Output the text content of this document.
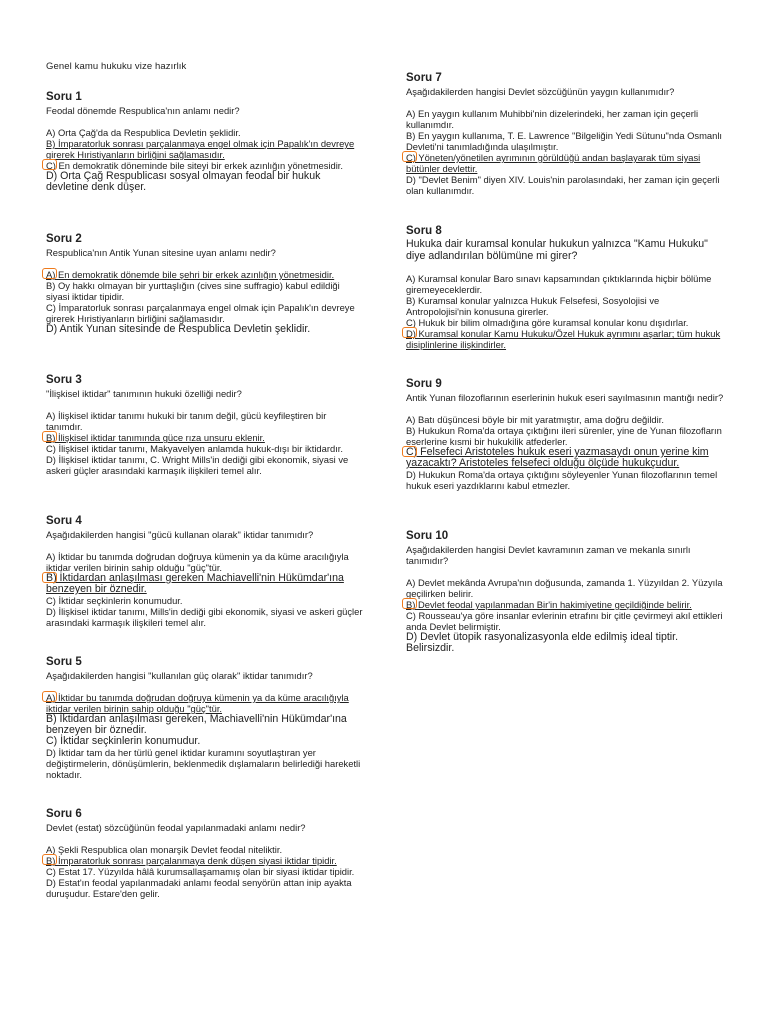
Genel kamu hukuku vize hazırlık
Soru 1
Feodal dönemde Respublica'nın anlamı nedir?
A) Orta Çağ'da da Respublica Devletin şeklidir.
B) İmparatorluk sonrası parçalanmaya engel olmak için Papalık'ın devreye girerek Hıristiyanların birliğini sağlamasıdır.
C) En demokratik döneminde bile siteyi bir erkek azınlığın yönetmesidir.
D) Orta Çağ Respublicası sosyal olmayan feodal bir hukuk devletine denk düşer.
Soru 2
Respublica'nın Antik Yunan sitesine uyan anlamı nedir?
A) En demokratik dönemde bile şehri bir erkek azınlığın yönetmesidir.
B) Oy hakkı olmayan bir yurttaşlığın (cives sine suffragio) kabul edildiği siyasi iktidar tipidir.
C) İmparatorluk sonrası parçalanmaya engel olmak için Papalık'ın devreye girerek Hıristiyanların birliğini sağlamasıdır.
D) Antik Yunan sitesinde de Respublica Devletin şeklidir.
Soru 3
"İlişkisel iktidar" tanımının hukuki özelliği nedir?
A) İlişkisel iktidar tanımı hukuki bir tanım değil, gücü keyfileştiren bir tanımdır.
B) İlişkisel iktidar tanımında güce rıza unsuru eklenir.
C) İlişkisel iktidar tanımı, Makyavelyen anlamda hukuk-dışı bir iktidardır.
D) İlişkisel iktidar tanımı, C. Wright Mills'in dediği gibi ekonomik, siyasi ve askeri güçler arasındaki karmaşık ilişkileri temel alır.
Soru 4
Aşağıdakilerden hangisi "gücü kullanan olarak" iktidar tanımıdır?
A) İktidar bu tanımda doğrudan doğruya kümenin ya da küme aracılığıyla iktidar verilen birinin sahip olduğu "güç"tür.
B) İktidardan anlaşılması gereken Machiavelli'nin Hükümdar'ına benzeyen bir öznedir.
C) İktidar seçkinlerin konumudur.
D) İlişkisel iktidar tanımı, Mills'in dediği gibi ekonomik, siyasi ve askeri güçler arasındaki karmaşık ilişkileri temel alır.
Soru 5
Aşağıdakilerden hangisi "kullanılan güç olarak" iktidar tanımıdır?
A) İktidar bu tanımda doğrudan doğruya kümenin ya da küme aracılığıyla iktidar verilen birinin sahip olduğu "güç"tür.
B) İktidardan anlaşılması gereken, Machiavelli'nin Hükümdar'ına benzeyen bir öznedir.
C) İktidar seçkinlerin konumudur.
D) İktidar tam da her türlü genel iktidar kuramını soyutlaştıran yer değiştirmelerin, dönüşümlerin, beklenmedik dışlamaların belirlediği hareketli noktadır.
Soru 6
Devlet (estat) sözcüğünün feodal yapılanmadaki anlamı nedir?
A) Şekli Respublica olan monarşik Devlet feodal niteliktir.
B) İmparatorluk sonrası parçalanmaya denk düşen siyasi iktidar tipidir.
C) Estat 17. Yüzyılda hâlâ kurumsallaşamamış olan bir siyasi iktidar tipidir.
D) Estat'ın feodal yapılanmadaki anlamı feodal senyörün attan inip ayakta duruşudur. Estare'den gelir.
Soru 7
Aşağıdakilerden hangisi Devlet sözcüğünün yaygın kullanımıdır?
A) En yaygın kullanım Muhibbi'nin dizelerindeki, her zaman için geçerli kullanımdır.
B) En yaygın kullanıma, T. E. Lawrence "Bilgeliğin Yedi Sütunu"nda Osmanlı Devleti'ni tanımladığında ulaşılmıştır.
C) Yöneten/yönetilen ayrımının görüldüğü andan başlayarak tüm siyasi bütünler devlettir.
D) "Devlet Benim" diyen XIV. Louis'nin parolasındaki, her zaman için geçerli olan kullanımdır.
Soru 8
Hukuka dair kuramsal konular hukukun yalnızca "Kamu Hukuku" diye adlandırılan bölümüne mi girer?
A) Kuramsal konular Baro sınavı kapsamından çıktıklarında hiçbir bölüme giremeyeceklerdir.
B) Kuramsal konular yalnızca Hukuk Felsefesi, Sosyolojisi ve Antropolojisi'nin konusuna girerler.
C) Hukuk bir bilim olmadığına göre kuramsal konular konu dışıdırlar.
D) Kuramsal konular Kamu Hukuku/Özel Hukuk ayrımını aşarlar; tüm hukuk disiplinlerine ilişkindirler.
Soru 9
Antik Yunan filozoflarının eserlerinin hukuk eseri sayılmasının mantığı nedir?
A) Batı düşüncesi böyle bir mit yaratmıştır, ama doğru değildir.
B) Hukukun Roma'da ortaya çıktığını ileri sürenler, yine de Yunan filozofların eserlerine kısmi bir hukukilik atfederler.
C) Felsefeci Aristoteles hukuk eseri yazmasaydı onun yerine kim yazacaktı? Aristoteles felsefeci olduğu ölçüde hukukçudur.
D) Hukukun Roma'da ortaya çıktığını söyleyenler Yunan filozoflarının temel hukuk eseri yazdıklarını kabul etmezler.
Soru 10
Aşağıdakilerden hangisi Devlet kavramının zaman ve mekanla sınırlı tanımıdır?
A) Devlet mekânda Avrupa'nın doğusunda, zamanda 1. Yüzyıldan 2. Yüzyıla geçilirken belirir.
B) Devlet feodal yapılanmadan Bir'in hakimiyetine geçildiğinde belirir.
C) Rousseau'ya göre insanlar evlerinin etrafını bir çitle çevirmeyi akıl ettikleri anda Devlet belirmiştir.
D) Devlet ütopik rasyonalizasyonla elde edilmiş ideal tiptir. Belirsizdir.
